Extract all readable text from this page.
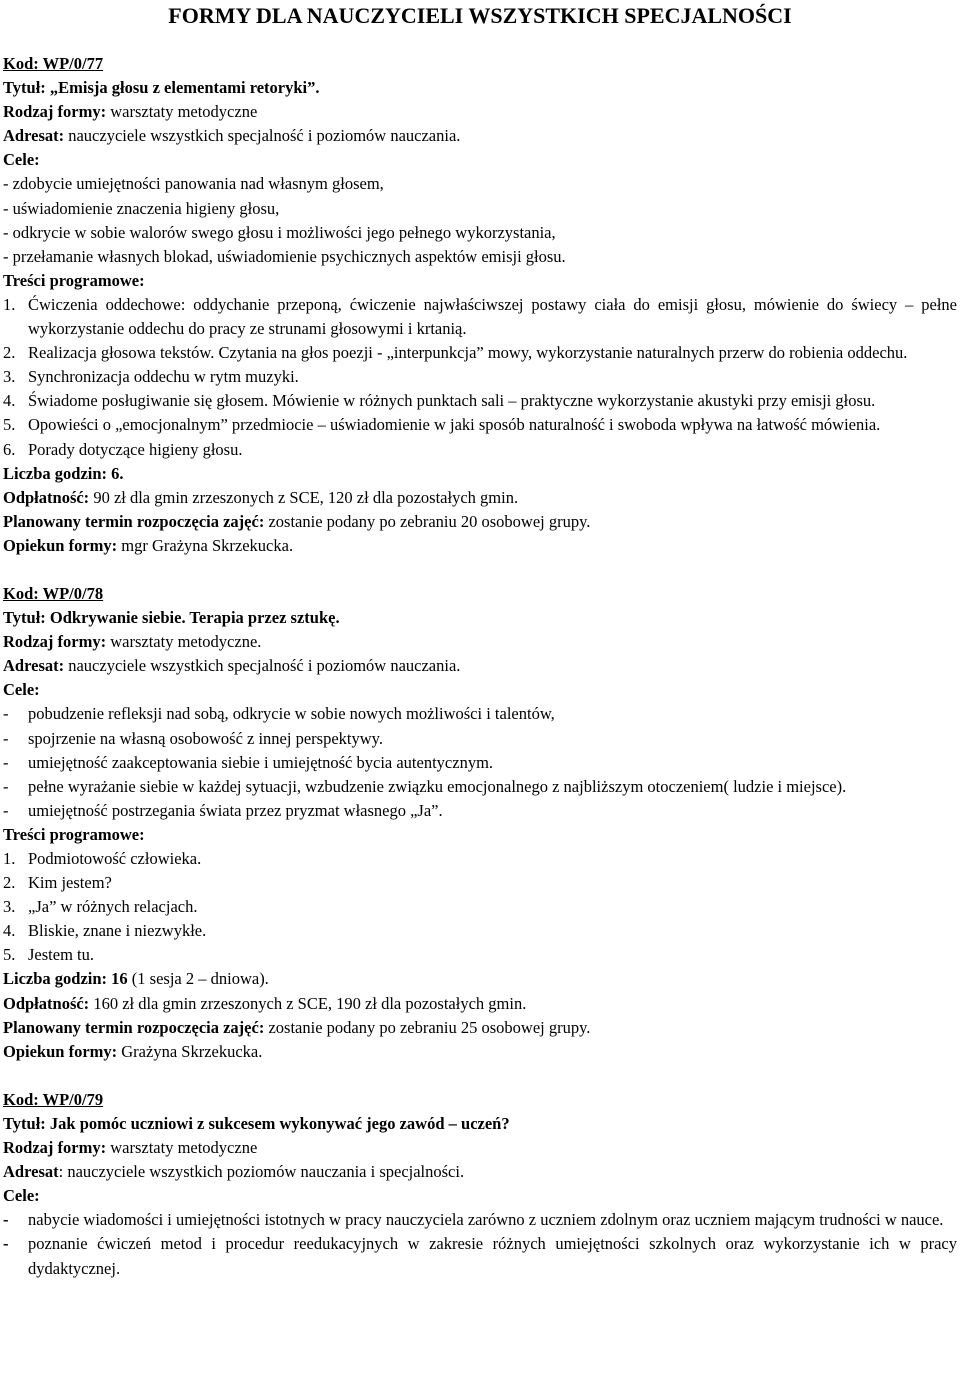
FORMY DLA NAUCZYCIELI WSZYSTKICH SPECJALNOŚCI
Kod: WP/0/77
Tytuł: „Emisja głosu z elementami retoryki”.
Rodzaj formy: warsztaty metodyczne
Adresat: nauczyciele wszystkich specjalność i poziomów nauczania.
Cele:
- zdobycie umiejętności panowania nad własnym głosem,
- uświadomienie znaczenia higieny głosu,
- odkrycie w sobie walorów swego głosu i możliwości jego pełnego wykorzystania,
- przełamanie własnych blokad, uświadomienie psychicznych aspektów emisji głosu.
Treści programowe:
1. Ćwiczenia oddechowe: oddychanie przeponą, ćwiczenie najwłaściwszej postawy ciała do emisji głosu, mówienie do świecy – pełne wykorzystanie oddechu do pracy ze strunami głosowymi i krtanią.
2. Realizacja głosowa tekstów. Czytania na głos poezji - „interpunkcja” mowy, wykorzystanie naturalnych przerw do robienia oddechu.
3. Synchronizacja oddechu w rytm muzyki.
4. Świadome posługiwanie się głosem. Mówienie w różnych punktach sali – praktyczne wykorzystanie akustyki przy emisji głosu.
5. Opowieści o „emocjonalnym” przedmiocie – uświadomienie w jaki sposób naturalność i swoboda wpływa na łatwość mówienia.
6. Porady dotyczące higieny głosu.
Liczba godzin: 6.
Odpłatność: 90 zł dla gmin zrzeszonych z SCE, 120 zł dla pozostałych gmin.
Planowany termin rozpoczęcia zajęć: zostanie podany po zebraniu 20 osobowej grupy.
Opiekun formy: mgr Grażyna Skrzekucka.
Kod: WP/0/78
Tytuł: Odkrywanie siebie. Terapia przez sztukę.
Rodzaj formy: warsztaty metodyczne.
Adresat: nauczyciele wszystkich specjalność i poziomów nauczania.
Cele:
-	pobudzenie refleksji nad sobą, odkrycie w sobie nowych możliwości i talentów,
-	spojrzenie na własną osobowość z innej perspektywy.
-	umiejętność zaakceptowania siebie i umiejętność bycia autentycznym.
-	pełne wyrażanie siebie w każdej sytuacji, wzbudzenie związku emocjonalnego z najbliższym otoczeniem( ludzie i miejsce).
-	umiejętność postrzegania świata przez pryzmat własnego „Ja”.
Treści programowe:
1. Podmiotowość człowieka.
2. Kim jestem?
3. „Ja” w różnych relacjach.
4. Bliskie, znane i niezwykłe.
5. Jestem tu.
Liczba godzin: 16 (1 sesja 2 – dniowa).
Odpłatność: 160 zł dla gmin zrzeszonych z SCE, 190 zł dla pozostałych gmin.
Planowany termin rozpoczęcia zajęć: zostanie podany po zebraniu 25 osobowej grupy.
Opiekun formy: Grażyna Skrzekucka.
Kod: WP/0/79
Tytuł: Jak pomóc uczniowi z sukcesem wykonywać jego zawód – uczeń?
Rodzaj formy: warsztaty metodyczne
Adresat: nauczyciele wszystkich poziomów nauczania i specjalności.
Cele:
-	nabycie wiadomości i umiejętności istotnych w pracy nauczyciela zarówno z uczniem zdolnym oraz uczniem mającym trudności w nauce.
-	poznanie ćwiczeń metod i procedur reedukacyjnych w zakresie różnych umiejętności szkolnych oraz wykorzystanie ich w pracy dydaktycznej.
